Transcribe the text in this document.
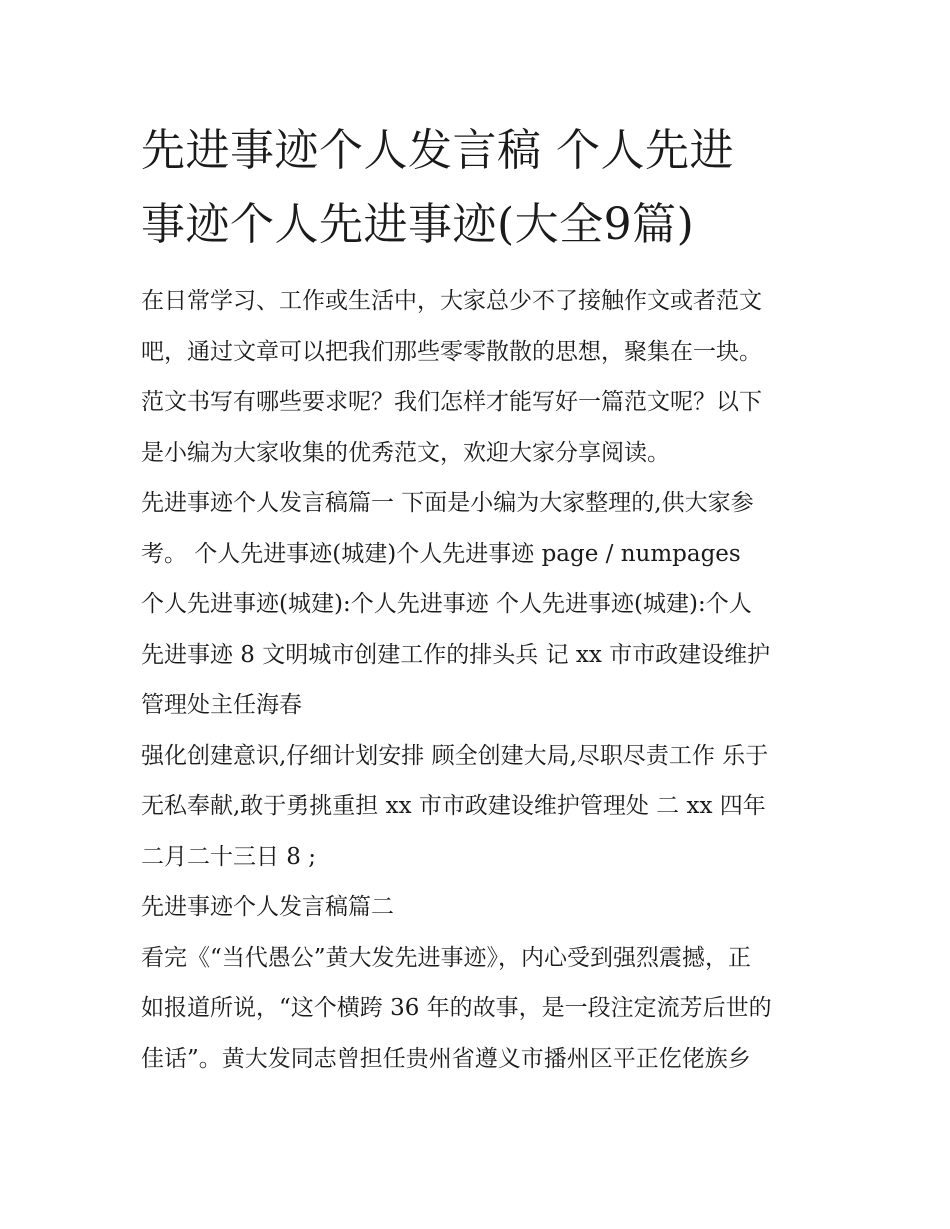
先进事迹个人发言稿 个人先进
事迹个人先进事迹(大全9篇)
在日常学习、工作或生活中，大家总少不了接触作文或者范文
吧，通过文章可以把我们那些零零散散的思想，聚集在一块。
范文书写有哪些要求呢？我们怎样才能写好一篇范文呢？以下
是小编为大家收集的优秀范文，欢迎大家分享阅读。
先进事迹个人发言稿篇一 下面是小编为大家整理的,供大家参
考。 个人先进事迹(城建)个人先进事迹 page / numpages
个人先进事迹(城建):个人先进事迹 个人先进事迹(城建):个人
先进事迹 8 文明城市创建工作的排头兵 记 xx 市市政建设维护
管理处主任海春
强化创建意识,仔细计划安排 顾全创建大局,尽职尽责工作 乐于
无私奉献,敢于勇挑重担 xx 市市政建设维护管理处 二 xx 四年
二月二十三日 8 ;
先进事迹个人发言稿篇二
看完《“当代愚公”黄大发先进事迹》，内心受到强烈震撼，正
如报道所说，“这个横跨 36 年的故事，是一段注定流芳后世的
佳话”。黄大发同志曾担任贵州省遵义市播州区平正仡佬族乡
